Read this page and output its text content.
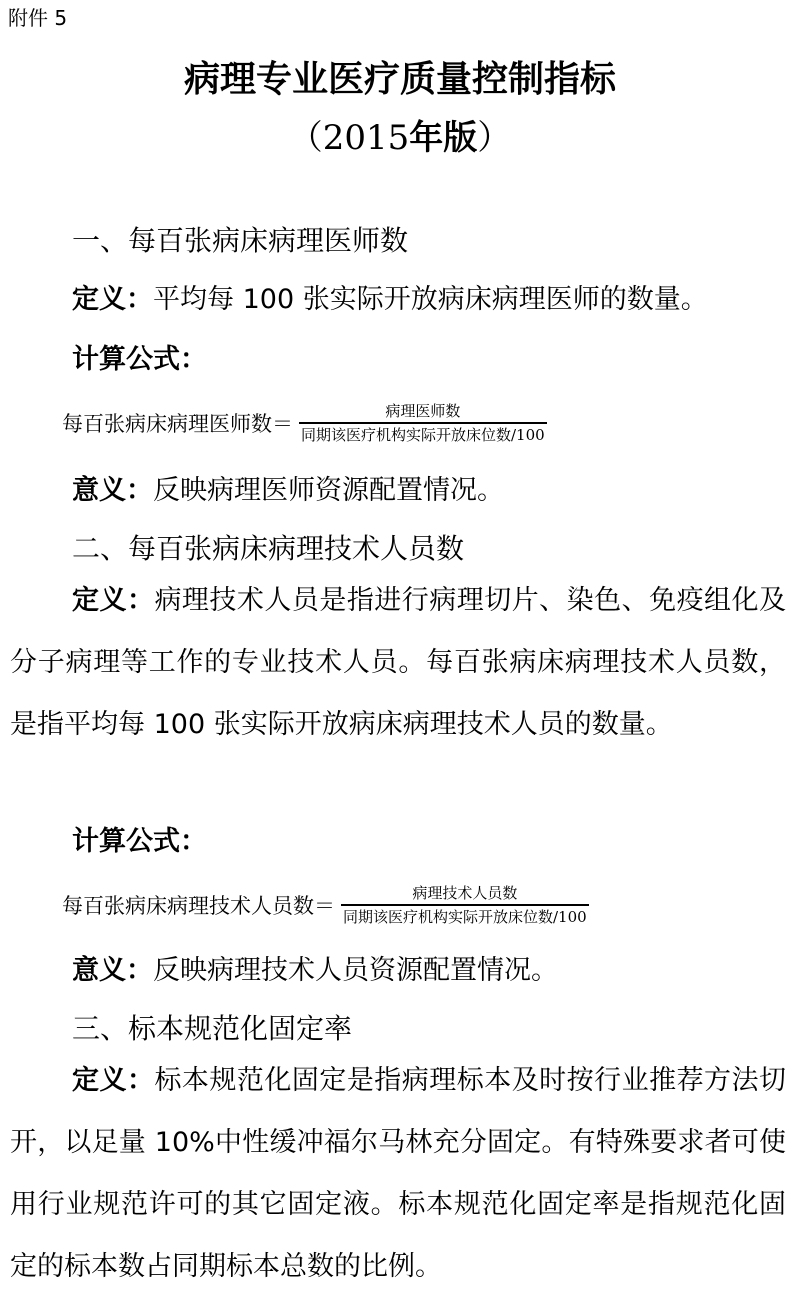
附件 5
病理专业医疗质量控制指标
（2015年版）
一、每百张病床病理医师数
定义：平均每 100 张实际开放病床病理医师的数量。
计算公式：
每百张病床病理医师数＝ $\frac{\text{病理医师数}}{\text{同期该医疗机构实际开放床位数/100}}$
意义：反映病理医师资源配置情况。
二、每百张病床病理技术人员数
定义：病理技术人员是指进行病理切片、染色、免疫组化及分子病理等工作的专业技术人员。每百张病床病理技术人员数，是指平均每 100 张实际开放病床病理技术人员的数量。
计算公式：
每百张病床病理技术人员数＝ $\frac{\text{病理技术人员数}}{\text{同期该医疗机构实际开放床位数/100}}$
意义：反映病理技术人员资源配置情况。
三、标本规范化固定率
定义：标本规范化固定是指病理标本及时按行业推荐方法切开，以足量 10%中性缓冲福尔马林充分固定。有特殊要求者可使用行业规范许可的其它固定液。标本规范化固定率是指规范化固定的标本数占同期标本总数的比例。
